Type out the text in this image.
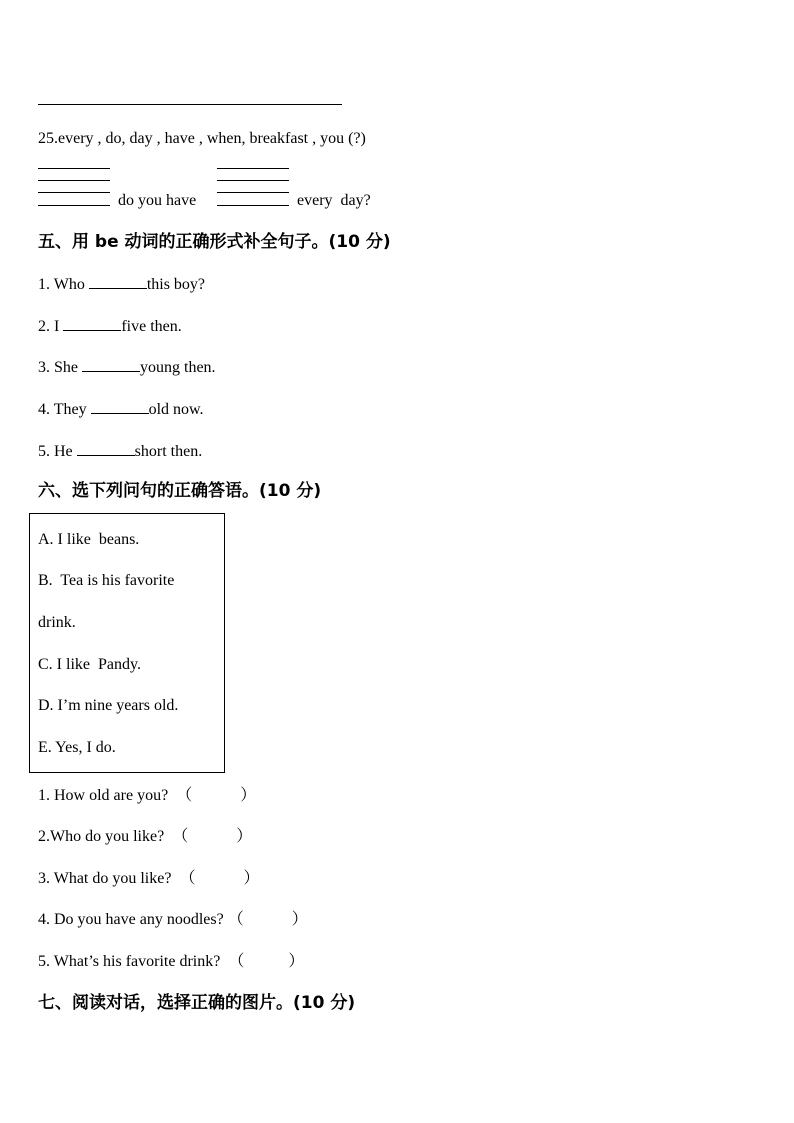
25.every , do, day , have , when, breakfast , you (?)
do you have	every  day?
五、用 be 动词的正确形式补全句子。(10 分)
1. Who	this boy?
2. I	five then.
3. She	young then.
4. They	old now.
5. He	short then.
六、选下列问句的正确答语。(10 分)
A. I like  beans.
B.  Tea is his favorite
drink.
C. I like  Pandy.
D. I’m nine years old.
E. Yes, I do.
1. How old are you?  （            ）
2.Who do you like?  （            ）
3. What do you like?  （            ）
4. Do you have any noodles? （            ）
5. What’s his favorite drink?  （           ）
七、阅读对话，选择正确的图片。(10 分)
